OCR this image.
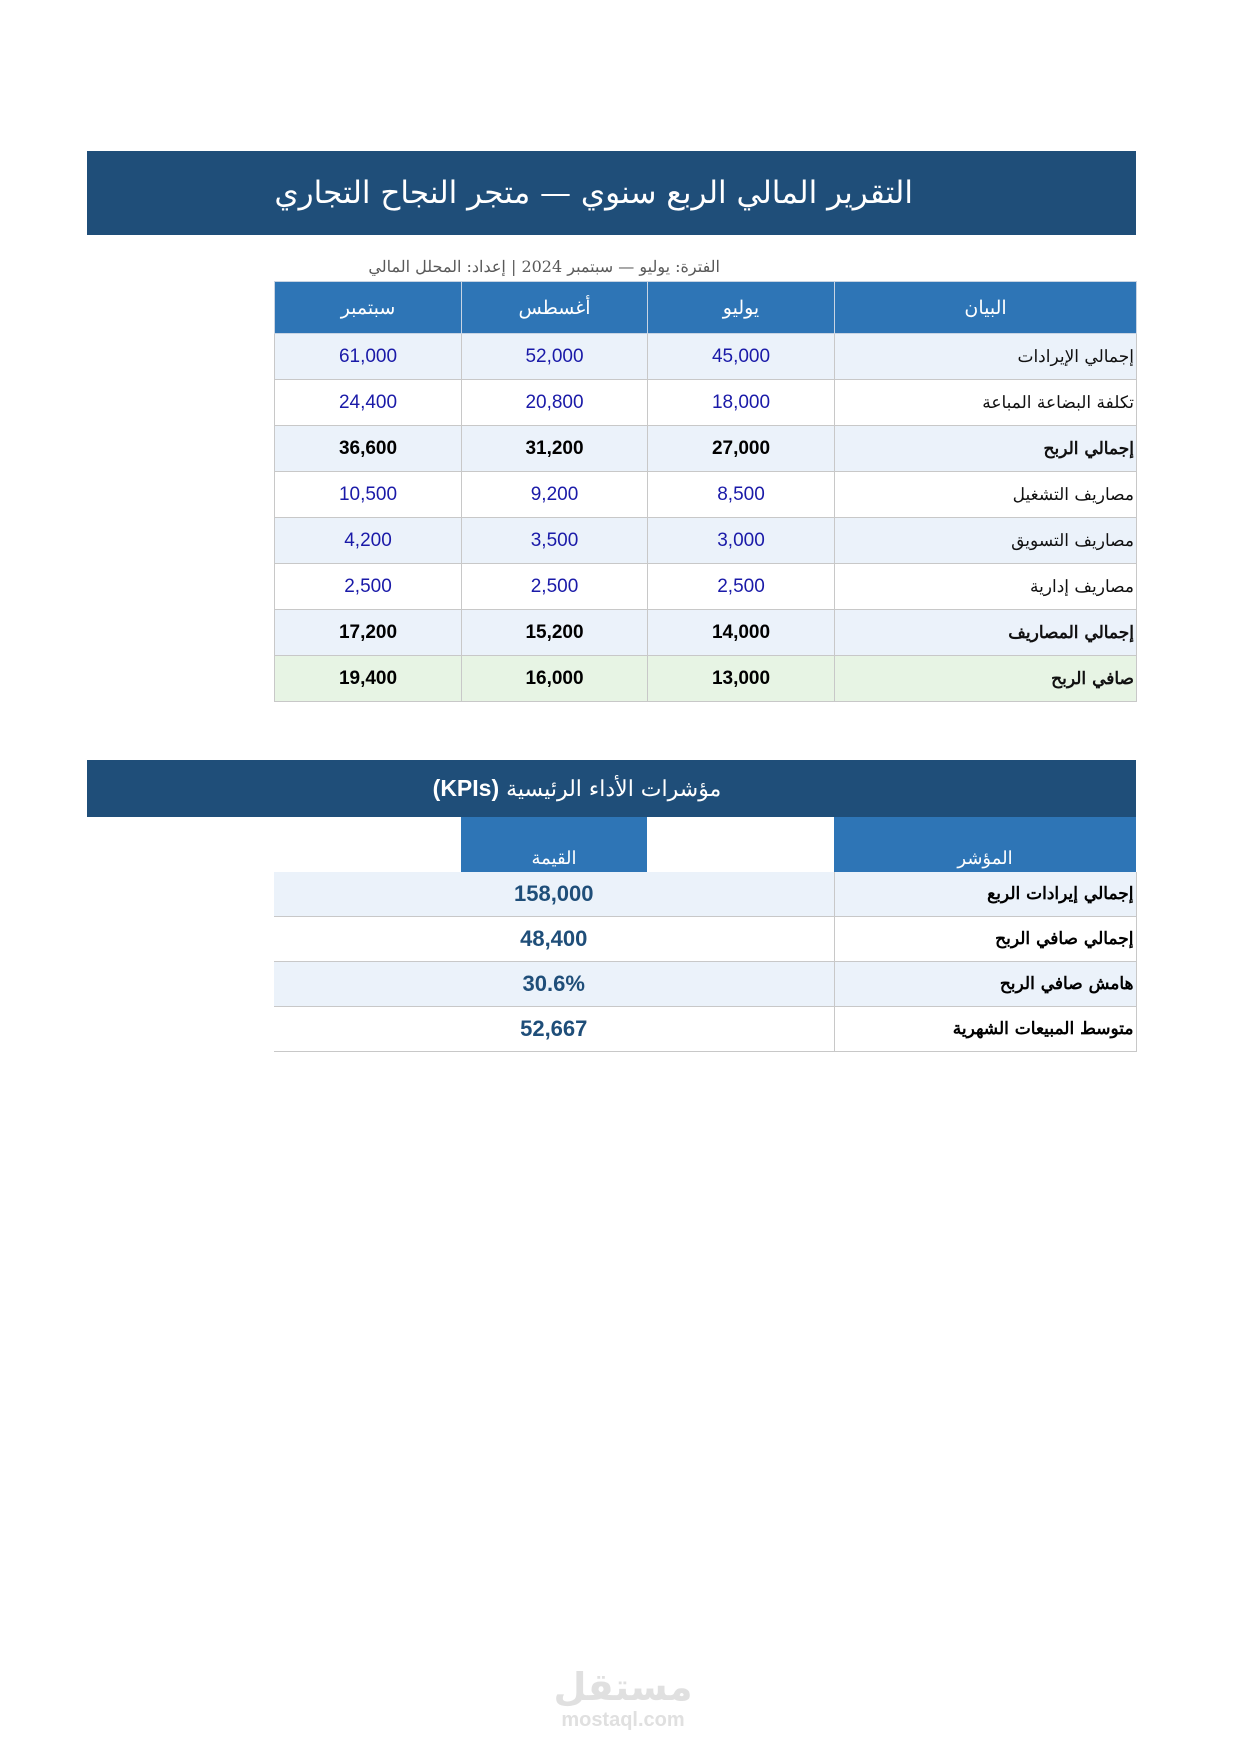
التقرير المالي الربع سنوي — متجر النجاح التجاري
الفترة: يوليو — سبتمبر 2024 | إعداد: المحلل المالي
سبتمبر	أغسطس	يوليو	البيان
61,000	52,000	45,000	إجمالي الإيرادات
24,400	20,800	18,000	تكلفة البضاعة المباعة
36,600	31,200	27,000	إجمالي الربح
10,500	9,200	8,500	مصاريف التشغيل
4,200	3,500	3,000	مصاريف التسويق
2,500	2,500	2,500	مصاريف إدارية
17,200	15,200	14,000	إجمالي المصاريف
19,400	16,000	13,000	صافي الربح
مؤشرات الأداء الرئيسية (KPIs)
	القيمة		المؤشر
158,000			إجمالي إيرادات الربع
48,400			إجمالي صافي الربح
30.6%			هامش صافي الربح
52,667			متوسط المبيعات الشهرية
مستقل
mostaql.com
